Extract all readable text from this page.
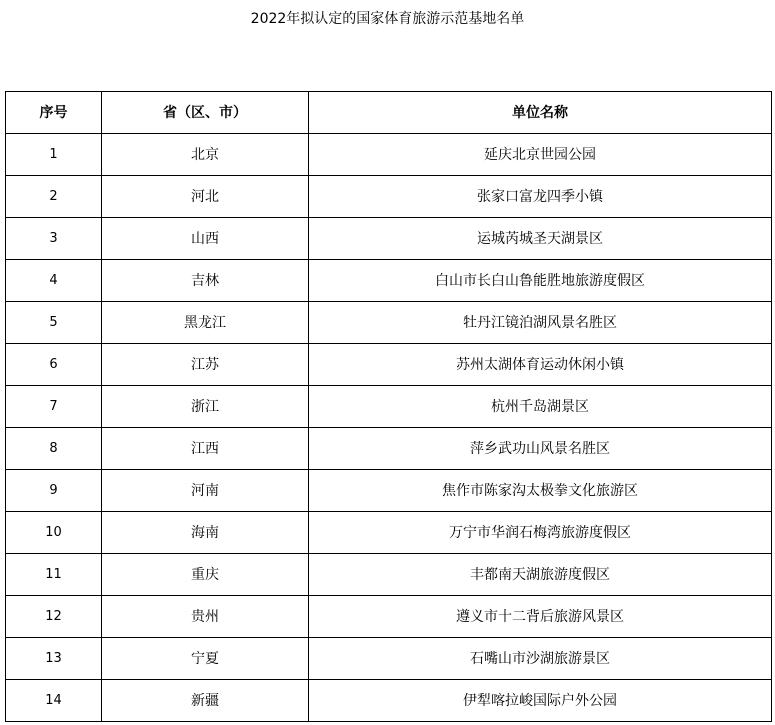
2022年拟认定的国家体育旅游示范基地名单
序号	省（区、市）	单位名称
1	北京	延庆北京世园公园
2	河北	张家口富龙四季小镇
3	山西	运城芮城圣天湖景区
4	吉林	白山市长白山鲁能胜地旅游度假区
5	黑龙江	牡丹江镜泊湖风景名胜区
6	江苏	苏州太湖体育运动休闲小镇
7	浙江	杭州千岛湖景区
8	江西	萍乡武功山风景名胜区
9	河南	焦作市陈家沟太极拳文化旅游区
10	海南	万宁市华润石梅湾旅游度假区
11	重庆	丰都南天湖旅游度假区
12	贵州	遵义市十二背后旅游风景区
13	宁夏	石嘴山市沙湖旅游景区
14	新疆	伊犁喀拉峻国际户外公园
